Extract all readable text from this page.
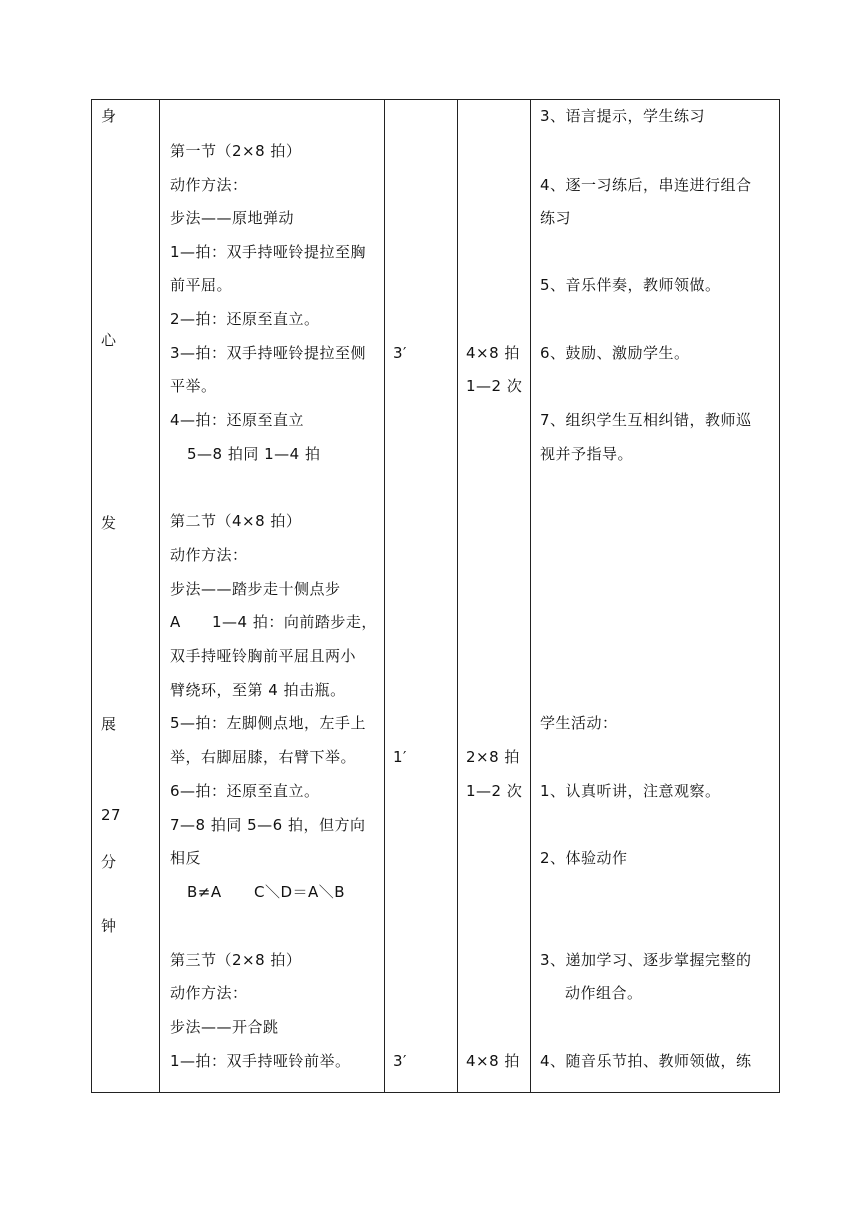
身
心
发
展
27
分
钟
第一节（2×8 拍）
动作方法：
步法——原地弹动
1—拍：双手持哑铃提拉至胸
前平屈。
2—拍：还原至直立。
3—拍：双手持哑铃提拉至侧
平举。
4—拍：还原至直立
5—8 拍同 1—4 拍
第二节（4×8 拍）
动作方法：
步法——踏步走十侧点步
A 1—4 拍：向前踏步走，
双手持哑铃胸前平屈且两小
臂绕环，至第 4 拍击瓶。
5—拍：左脚侧点地，左手上
举，右脚屈膝，右臂下举。
6—拍：还原至直立。
7—8 拍同 5—6 拍，但方向
相反
B≠A C＼D＝A＼B
第三节（2×8 拍）
动作方法：
步法——开合跳
1—拍：双手持哑铃前举。
3′
1′
3′
4×8 拍
1—2 次
2×8 拍
1—2 次
4×8 拍
3、语言提示，学生练习
4、逐一习练后，串连进行组合
练习
5、音乐伴奏，教师领做。
6、鼓励、激励学生。
7、组织学生互相纠错，教师巡
视并予指导。
学生活动：
1、认真听讲，注意观察。
2、体验动作
3、递加学习、逐步掌握完整的
动作组合。
4、随音乐节拍、教师领做，练
